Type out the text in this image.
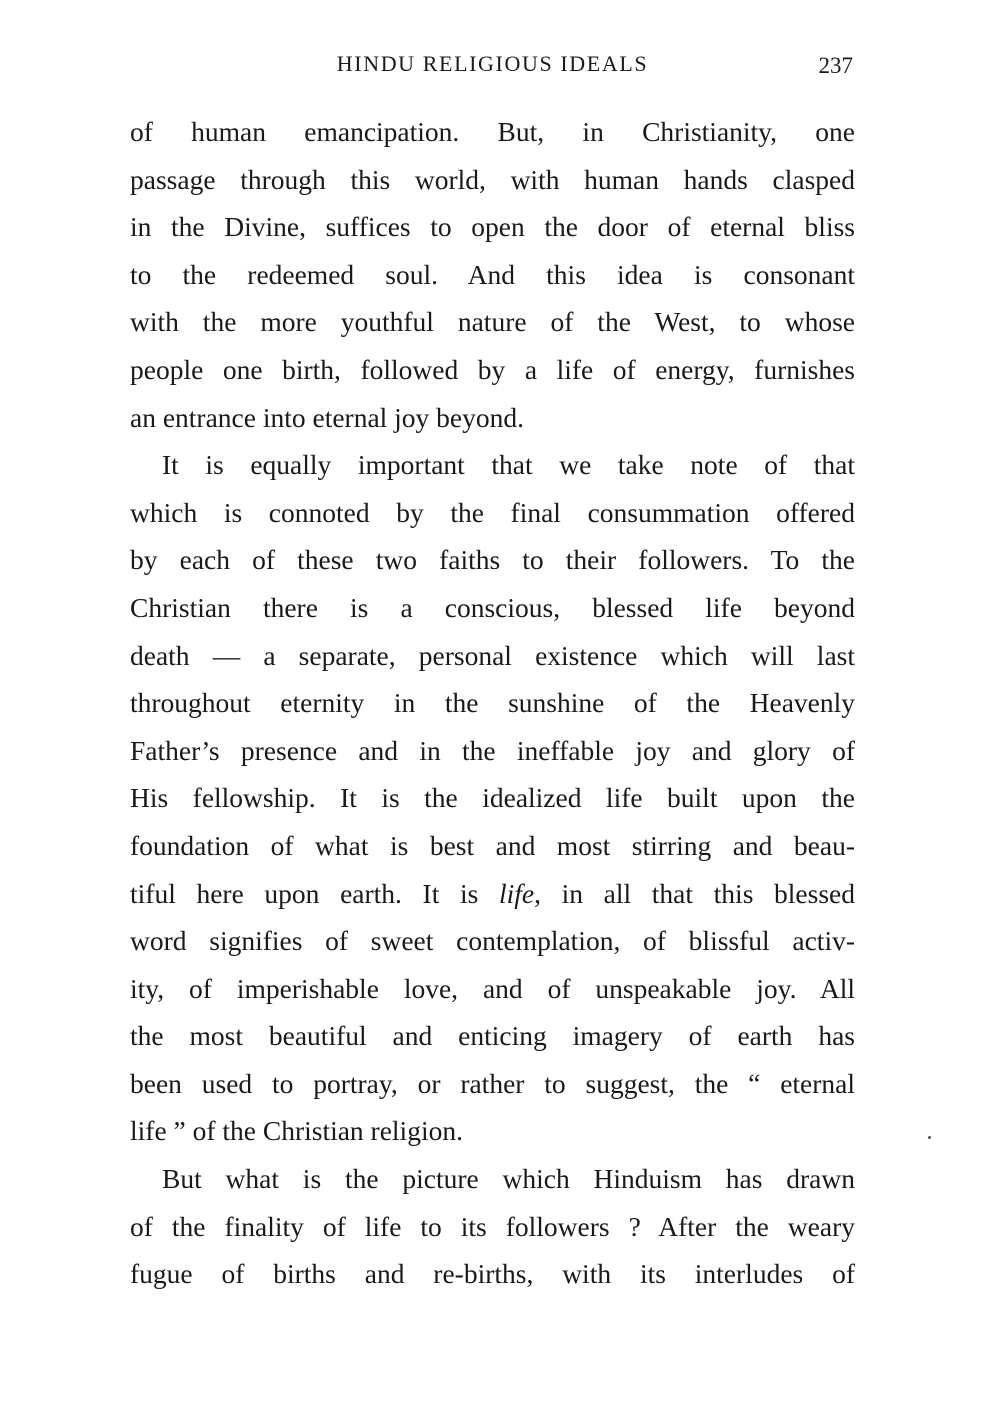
HINDU RELIGIOUS IDEALS	237
of human emancipation. But, in Christianity, one
passage through this world, with human hands clasped
in the Divine, suffices to open the door of eternal bliss
to the redeemed soul. And this idea is consonant
with the more youthful nature of the West, to whose
people one birth, followed by a life of energy, furnishes
an entrance into eternal joy beyond.
It is equally important that we take note of that
which is connoted by the final consummation offered
by each of these two faiths to their followers. To the
Christian there is a conscious, blessed life beyond
death — a separate, personal existence which will last
throughout eternity in the sunshine of the Heavenly
Father’s presence and in the ineffable joy and glory of
His fellowship. It is the idealized life built upon the
foundation of what is best and most stirring and beau-
tiful here upon earth. It is life, in all that this blessed
word signifies of sweet contemplation, of blissful activ-
ity, of imperishable love, and of unspeakable joy. All
the most beautiful and enticing imagery of earth has
been used to portray, or rather to suggest, the “ eternal
life ” of the Christian religion.
But what is the picture which Hinduism has drawn
of the finality of life to its followers ? After the weary
fugue of births and re-births, with its interludes of
